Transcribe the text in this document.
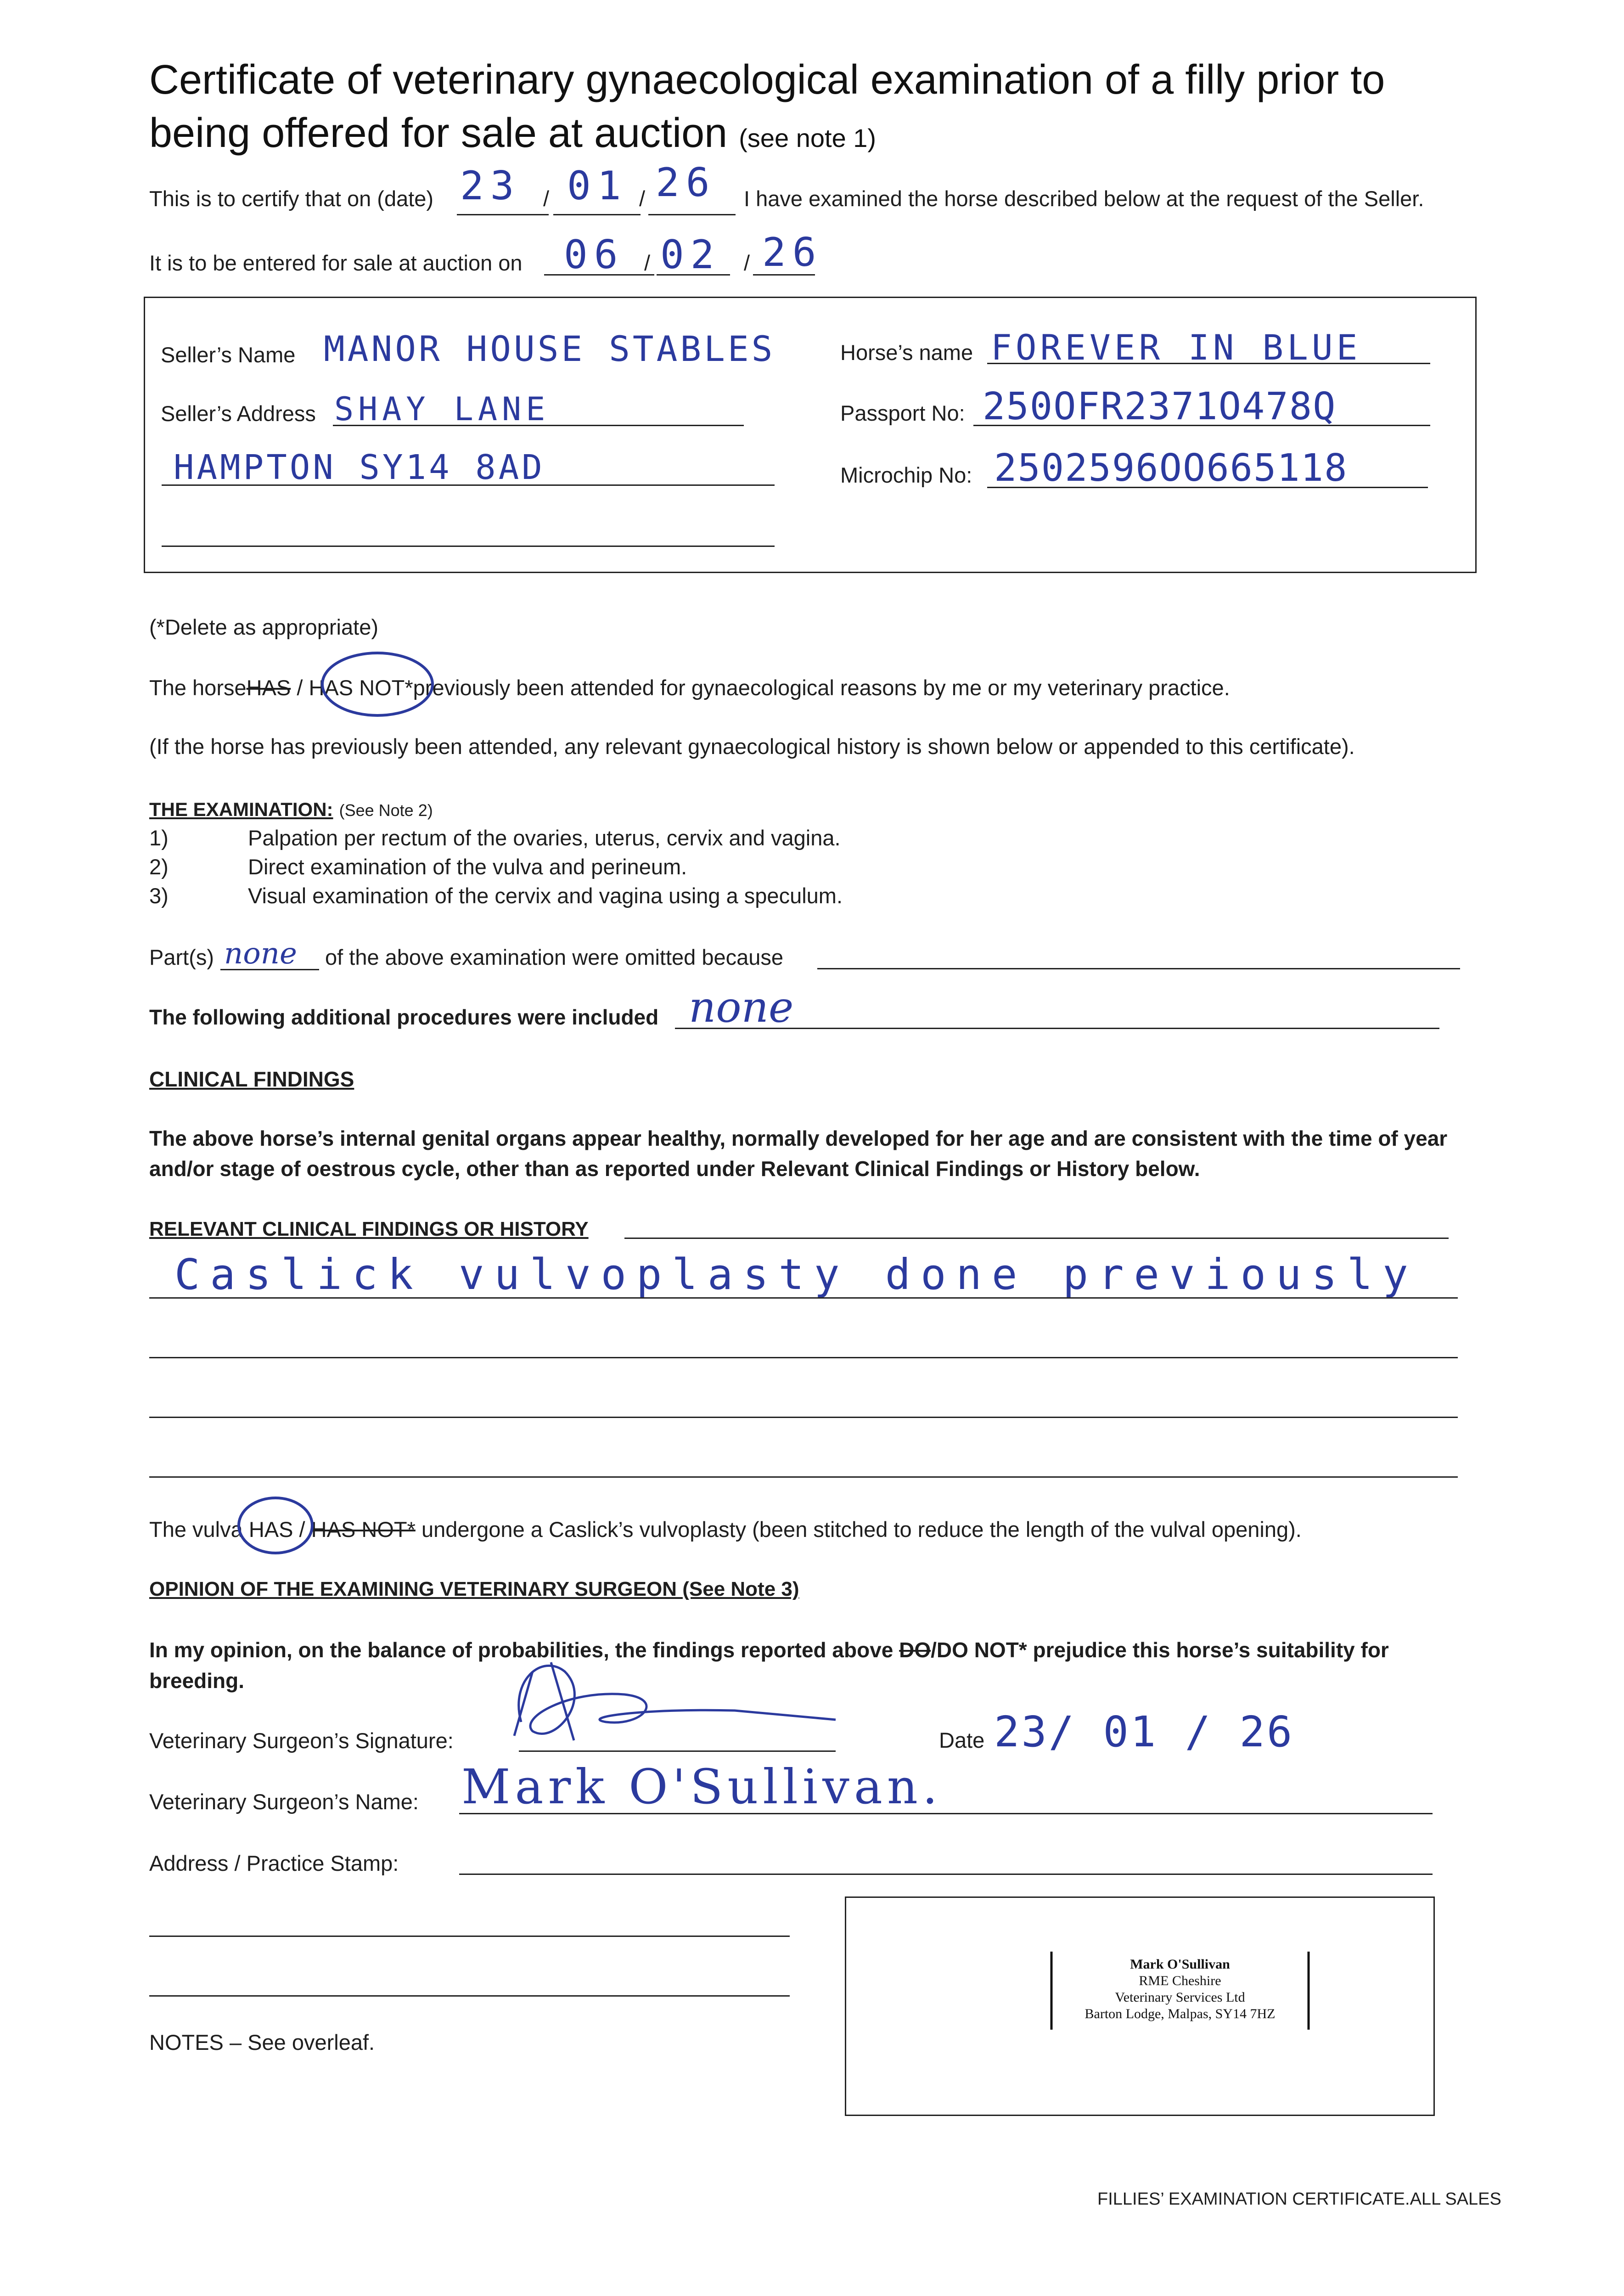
Certificate of veterinary gynaecological examination of a filly prior to
being offered for sale at auction (see note 1)
This is to certify that on (date) 23 / 01 / 26 I have examined the horse described below at the request of the Seller.
It is to be entered for sale at auction on 06 / 02 / 26
Seller’s Name MANOR HOUSE STABLES
Seller’s Address SHAY LANE
HAMPTON SY14 8AD
Horse’s name FOREVER IN BLUE
Passport No: 250OFR2371O478Q
Microchip No: 2502596OO665118
(*Delete as appropriate)
The horseHAS / HAS NOT*previously been attended for gynaecological reasons by me or my veterinary practice.
(If the horse has previously been attended, any relevant gynaecological history is shown below or appended to this certificate).
THE EXAMINATION: (See Note 2)
1)	Palpation per rectum of the ovaries, uterus, cervix and vagina.
2)	Direct examination of the vulva and perineum.
3)	Visual examination of the cervix and vagina using a speculum.
Part(s) none of the above examination were omitted because
The following additional procedures were included none
CLINICAL FINDINGS
The above horse’s internal genital organs appear healthy, normally developed for her age and are consistent with the time of year
and/or stage of oestrous cycle, other than as reported under Relevant Clinical Findings or History below.
RELEVANT CLINICAL FINDINGS OR HISTORY
Caslick vulvoplasty done previously
The vulva HAS / HAS NOT* undergone a Caslick’s vulvoplasty (been stitched to reduce the length of the vulval opening).
OPINION OF THE EXAMINING VETERINARY SURGEON (See Note 3)
In my opinion, on the balance of probabilities, the findings reported above DO/DO NOT* prejudice this horse’s suitability for
breeding.
Veterinary Surgeon’s Signature:	Date 23/ 01 / 26
Veterinary Surgeon’s Name: Mark O'Sullivan.
Address / Practice Stamp:
Mark O'Sullivan
RME Cheshire
Veterinary Services Ltd
Barton Lodge, Malpas, SY14 7HZ
NOTES – See overleaf.
FILLIES’ EXAMINATION CERTIFICATE.ALL SALES
